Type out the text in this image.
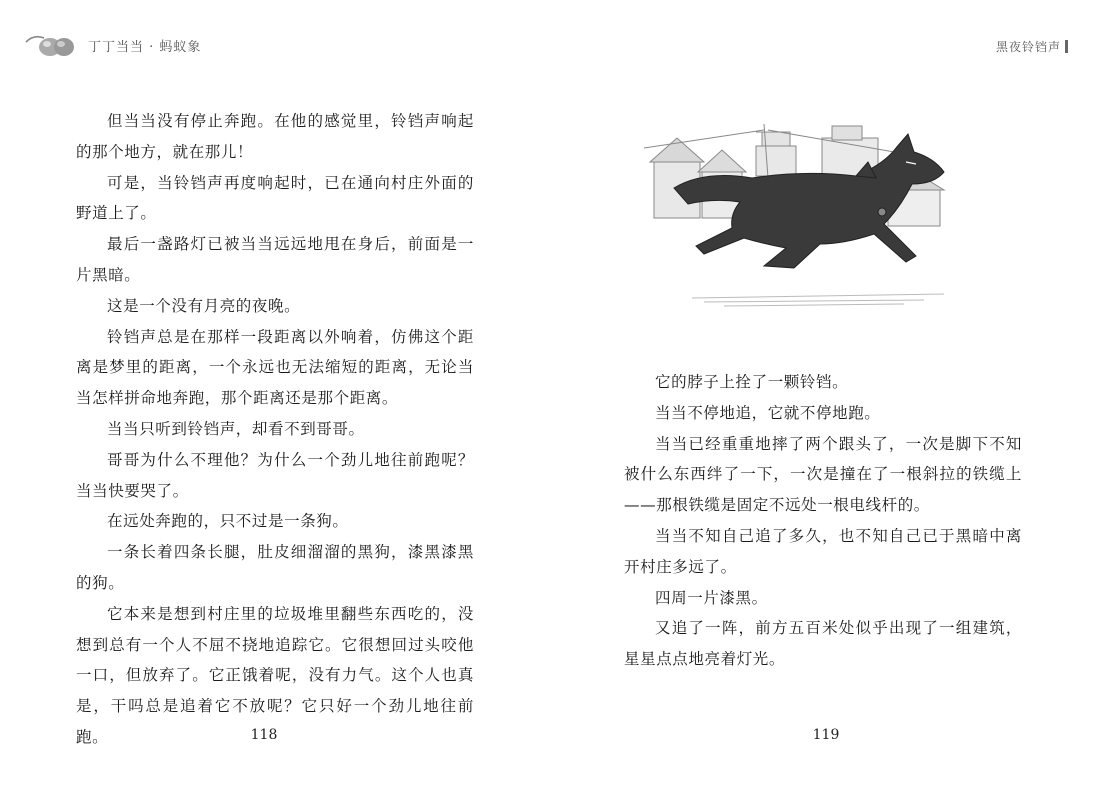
丁丁当当 · 蚂蚁象

但当当没有停止奔跑。在他的感觉里，铃铛声响起的那个地方，就在那儿！

可是，当铃铛声再度响起时，已在通向村庄外面的野道上了。

最后一盏路灯已被当当远远地甩在身后，前面是一片黑暗。

这是一个没有月亮的夜晚。

铃铛声总是在那样一段距离以外响着，仿佛这个距离是梦里的距离，一个永远也无法缩短的距离，无论当当怎样拼命地奔跑，那个距离还是那个距离。

当当只听到铃铛声，却看不到哥哥。

哥哥为什么不理他？为什么一个劲儿地往前跑呢？当当快要哭了。

在远处奔跑的，只不过是一条狗。

一条长着四条长腿，肚皮细溜溜的黑狗，漆黑漆黑的狗。

它本来是想到村庄里的垃圾堆里翻些东西吃的，没想到总有一个人不屈不挠地追踪它。它很想回过头咬他一口，但放弃了。它正饿着呢，没有力气。这个人也真是，干吗总是追着它不放呢？它只好一个劲儿地往前跑。	118
黑夜铃铛声

它的脖子上拴了一颗铃铛。

当当不停地追，它就不停地跑。

当当已经重重地摔了两个跟头了，一次是脚下不知被什么东西绊了一下，一次是撞在了一根斜拉的铁缆上——那根铁缆是固定不远处一根电线杆的。

当当不知自己追了多久，也不知自己已于黑暗中离开村庄多远了。

四周一片漆黑。

又追了一阵，前方五百米处似乎出现了一组建筑，星星点点地亮着灯光。

119
